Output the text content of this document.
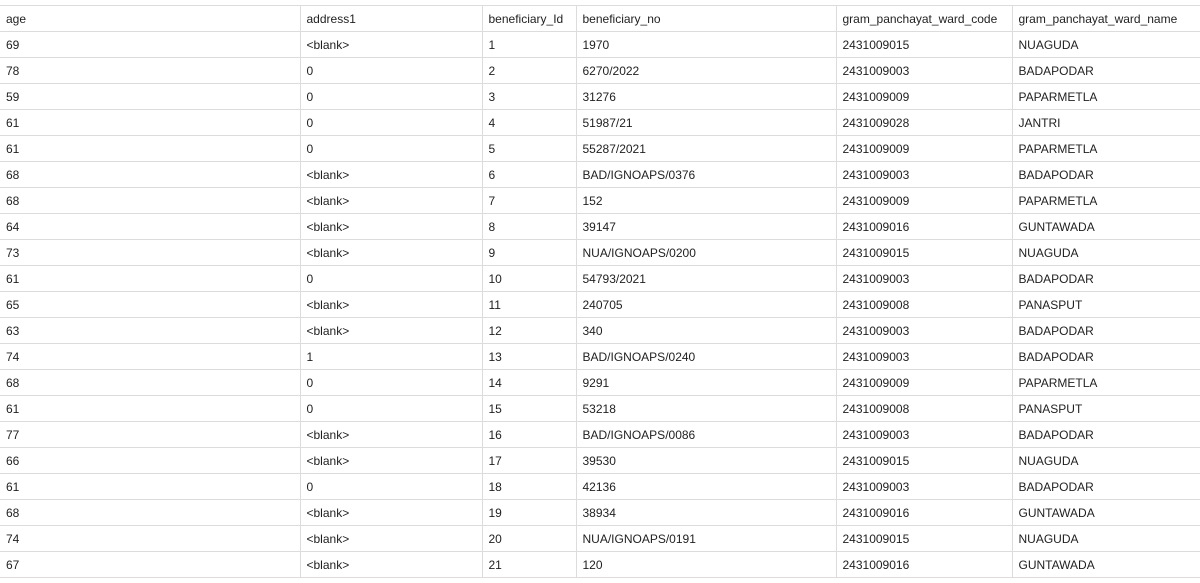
age	address1	beneficiary_Id	beneficiary_no	gram_panchayat_ward_code	gram_panchayat_ward_name
69	<blank>	1	1970	2431009015	NUAGUDA
78	0	2	6270/2022	2431009003	BADAPODAR
59	0	3	31276	2431009009	PAPARMETLA
61	0	4	51987/21	2431009028	JANTRI
61	0	5	55287/2021	2431009009	PAPARMETLA
68	<blank>	6	BAD/IGNOAPS/0376	2431009003	BADAPODAR
68	<blank>	7	152	2431009009	PAPARMETLA
64	<blank>	8	39147	2431009016	GUNTAWADA
73	<blank>	9	NUA/IGNOAPS/0200	2431009015	NUAGUDA
61	0	10	54793/2021	2431009003	BADAPODAR
65	<blank>	11	240705	2431009008	PANASPUT
63	<blank>	12	340	2431009003	BADAPODAR
74	1	13	BAD/IGNOAPS/0240	2431009003	BADAPODAR
68	0	14	9291	2431009009	PAPARMETLA
61	0	15	53218	2431009008	PANASPUT
77	<blank>	16	BAD/IGNOAPS/0086	2431009003	BADAPODAR
66	<blank>	17	39530	2431009015	NUAGUDA
61	0	18	42136	2431009003	BADAPODAR
68	<blank>	19	38934	2431009016	GUNTAWADA
74	<blank>	20	NUA/IGNOAPS/0191	2431009015	NUAGUDA
67	<blank>	21	120	2431009016	GUNTAWADA
